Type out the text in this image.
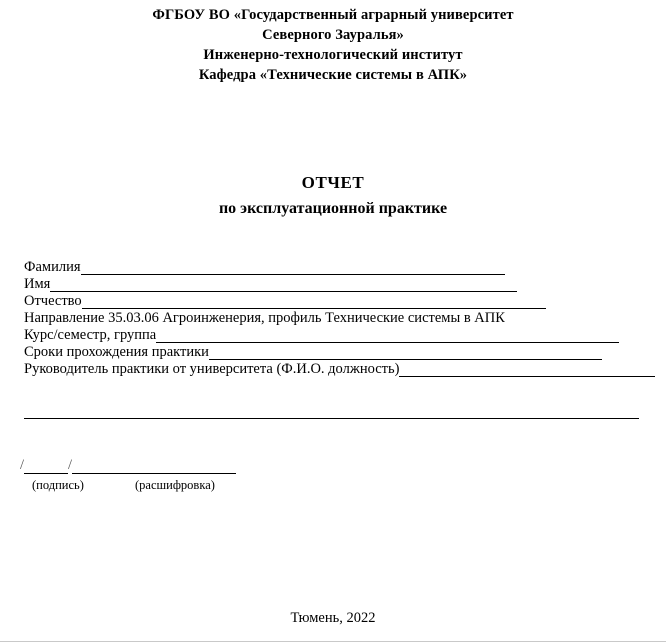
ФГБОУ ВО «Государственный аграрный университет
Северного Зауралья»
Инженерно-технологический институт
Кафедра «Технические системы в АПК»
ОТЧЕТ
по эксплуатационной практике
Фамилия
Имя
Отчество
Направление 35.03.06 Агроинженерия, профиль Технические системы в АПК
Курс/семестр, группа
Сроки прохождения практики
Руководитель практики от университета (Ф.И.О. должность)
/	/
(подпись)	(расшифровка)
Тюмень, 2022
